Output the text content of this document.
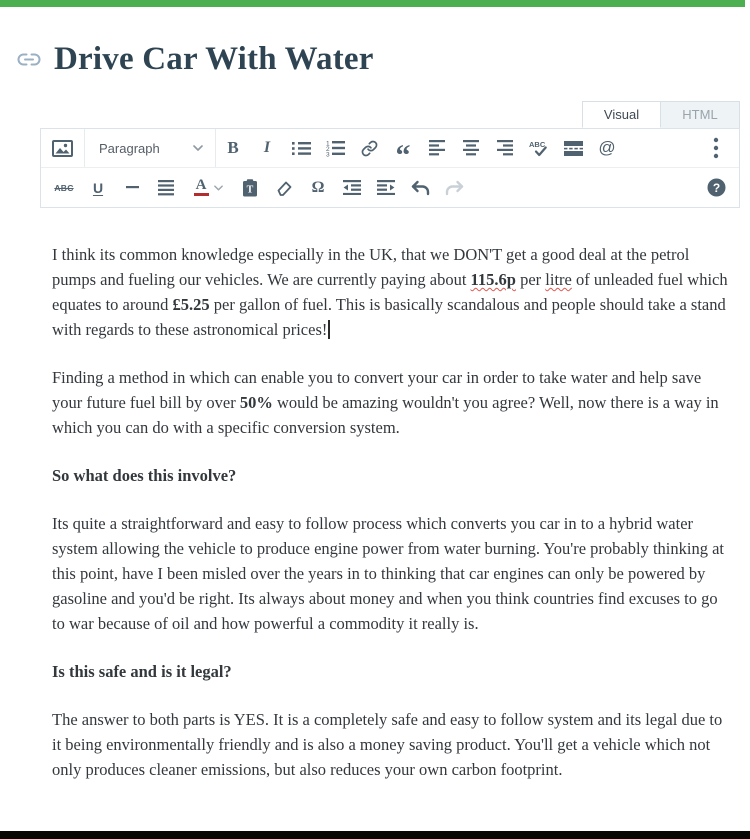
Drive Car With Water
Visual	HTML
Paragraph	B I	1
2
3 “	ABC	@
ABC U	A	T	Ω	?

I think its common knowledge especially in the UK, that we DON'T get a good deal at the petrol pumps and fueling our vehicles. We are currently paying about 115.6p per litre of unleaded fuel which equates to around £5.25 per gallon of fuel. This is basically scandalous and people should take a stand with regards to these astronomical prices!

Finding a method in which can enable you to convert your car in order to take water and help save your future fuel bill by over 50% would be amazing wouldn't you agree? Well, now there is a way in which you can do with a specific conversion system.

So what does this involve?

Its quite a straightforward and easy to follow process which converts you car in to a hybrid water system allowing the vehicle to produce engine power from water burning. You're probably thinking at this point, have I been misled over the years in to thinking that car engines can only be powered by gasoline and you'd be right. Its always about money and when you think countries find excuses to go to war because of oil and how powerful a commodity it really is.

Is this safe and is it legal?

The answer to both parts is YES. It is a completely safe and easy to follow system and its legal due to it being environmentally friendly and is also a money saving product. You'll get a vehicle which not only produces cleaner emissions, but also reduces your own carbon footprint.
